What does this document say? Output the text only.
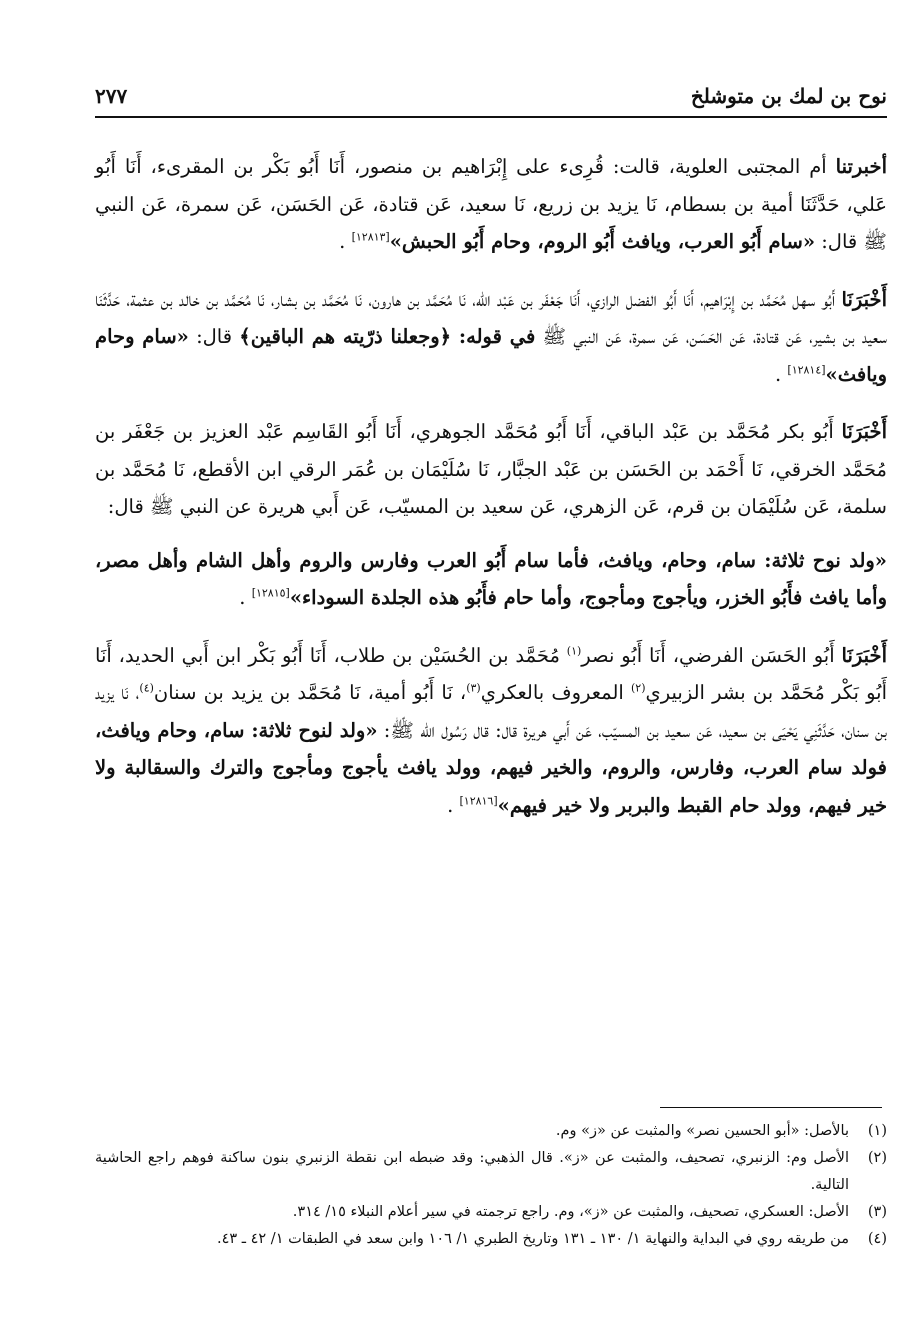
نوح بن لمك بن متوشلخ
٢٧٧

أخبرتنا أم المجتبى العلوية، قالت: قُرِىء على إِبْرَاهيم بن منصور، أَنَا أَبُو بَكْر بن المقرىء، أَنَا أَبُو عَلي، حَدَّثَنَا أمية بن بسطام، نَا يزيد بن زريع، نَا سعيد، عَن قتادة، عَن الحَسَن، عَن سمرة، عَن النبي ﷺ قال: «سام أَبُو العرب، ويافث أَبُو الروم، وحام أَبُو الحبش»[١٢٨١٣] .

أَخْبَرَنَا أَبُو سهل مُحَمَّد بن إِبْرَاهيم، أَنَا أَبُو الفضل الرازي، أَنَا جَعْفَر بن عَبْد الله، نَا مُحَمَّد بن هارون، نَا مُحَمَّد بن بشار، نَا مُحَمَّد بن خالد بن عثمة، حَدَّثَنَا سعيد بن بشير، عَن قتادة، عَن الحَسَن، عَن سمرة، عَن النبي ﷺ في قوله: ﴿وجعلنا ذرّيته هم الباقين﴾ قال: «سام وحام ويافث»[١٢٨١٤] .

أَخْبَرَنَا أَبُو بكر مُحَمَّد بن عَبْد الباقي، أَنَا أَبُو مُحَمَّد الجوهري، أَنَا أَبُو القَاسِم عَبْد العزيز بن جَعْفَر بن مُحَمَّد الخرقي، نَا أَحْمَد بن الحَسَن بن عَبْد الجبَّار، نَا سُلَيْمَان بن عُمَر الرقي ابن الأقطع، نَا مُحَمَّد بن سلمة، عَن سُلَيْمَان بن قرم، عَن الزهري، عَن سعيد بن المسيّب، عَن أَبي هريرة عن النبي ﷺ قال:

«ولد نوح ثلاثة: سام، وحام، ويافث، فأما سام أَبُو العرب وفارس والروم وأهل الشام وأهل مصر، وأما يافث فأَبُو الخزر، ويأجوج ومأجوج، وأما حام فأَبُو هذه الجلدة السوداء»[١٢٨١٥] .

أَخْبَرَنَا أَبُو الحَسَن الفرضي، أَنَا أَبُو نصر$^{(١)}$ مُحَمَّد بن الحُسَيْن بن طلاب، أَنَا أَبُو بَكْر ابن أَبي الحديد، أَنَا أَبُو بَكْر مُحَمَّد بن بشر الزبيري$^{(٢)}$ المعروف بالعكري$^{(٣)}$، نَا أَبُو أمية، نَا مُحَمَّد بن يزيد بن سنان$^{(٤)}$، نَا يزيد بن سنان، حَدَّثَنِي يَحْيَى بن سعيد، عَن سعيد بن المسيّب، عَن أَبي هريرة قال: قال رَسُول الله ﷺ: «ولد لنوح ثلاثة: سام، وحام ويافث، فولد سام العرب، وفارس، والروم، والخير فيهم، وولد يافث يأجوج ومأجوج والترك والسقالبة ولا خير فيهم، وولد حام القبط والبربر ولا خير فيهم»[١٢٨١٦] .

(١)
بالأصل: «أبو الحسين نصر» والمثبت عن «ز» وم.
(٢)
الأصل وم: الزنبري، تصحيف، والمثبت عن «ز». قال الذهبي: وقد ضبطه ابن نقطة الزنبري بنون ساكنة فوهم راجع الحاشية التالية.
(٣)
الأصل: العسكري، تصحيف، والمثبت عن «ز»، وم. راجع ترجمته في سير أعلام النبلاء ١٥/ ٣١٤.
(٤)
من طريقه روي في البداية والنهاية ١/ ١٣٠ ـ ١٣١ وتاريخ الطبري ١/ ١٠٦ وابن سعد في الطبقات ١/ ٤٢ ـ ٤٣.
